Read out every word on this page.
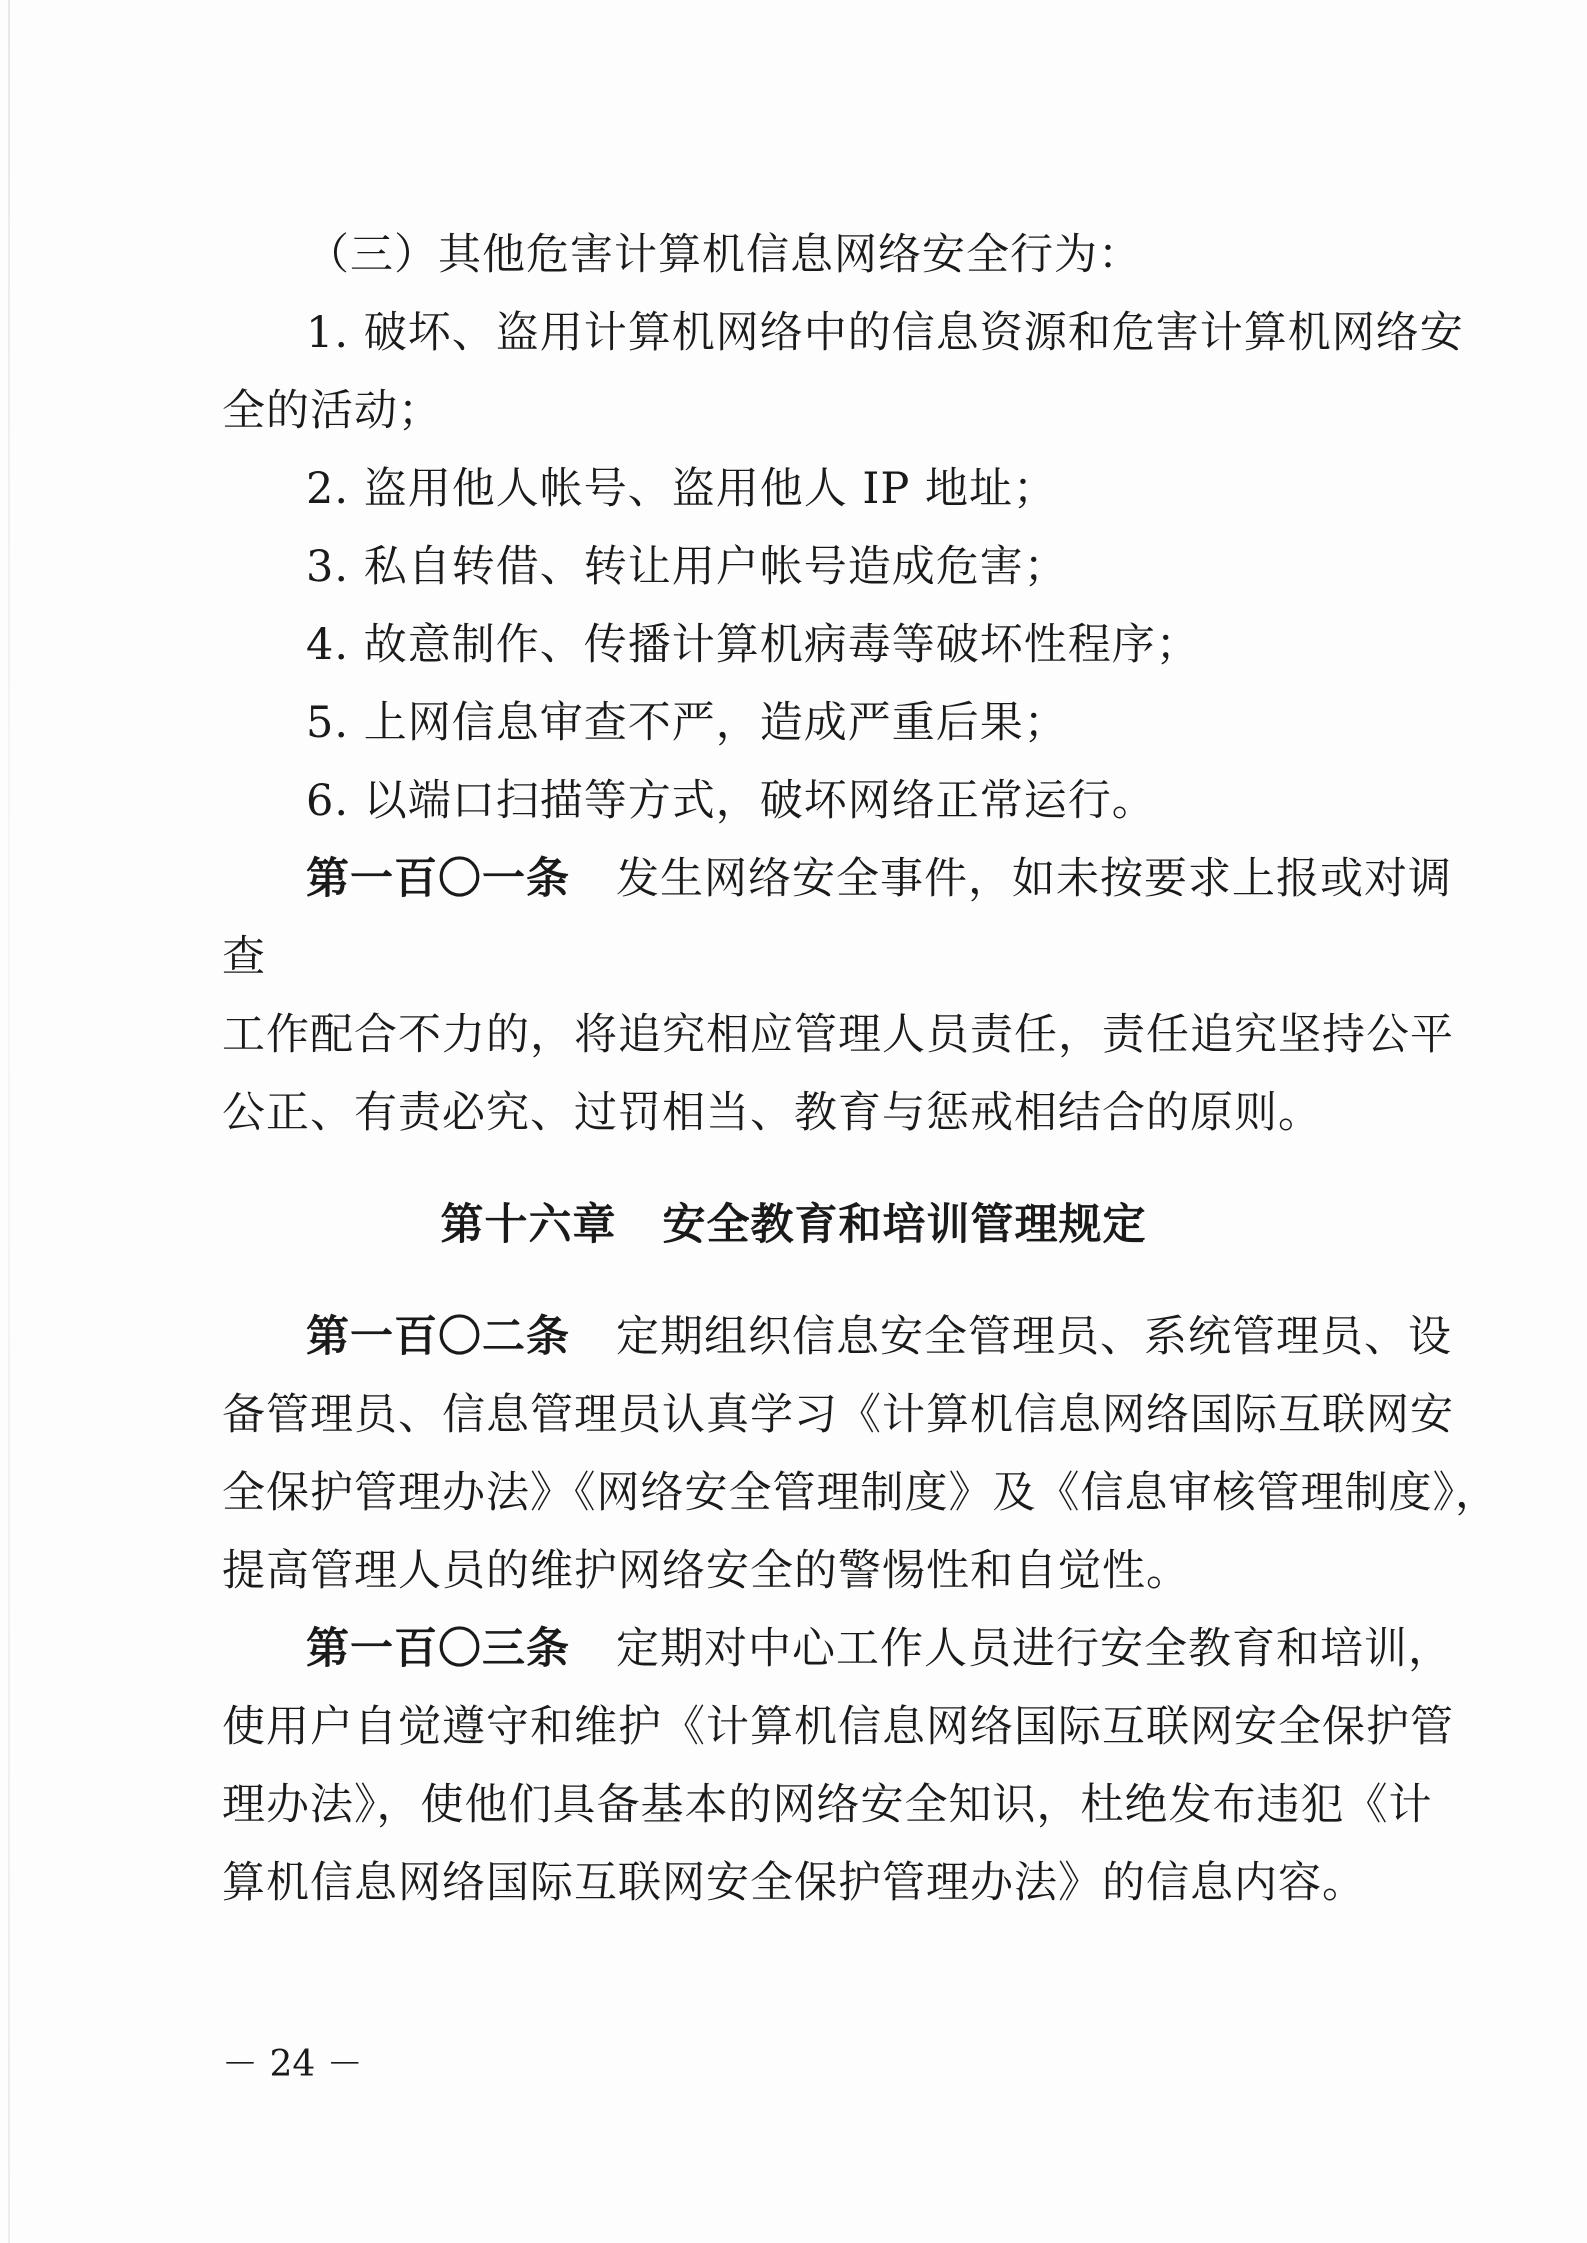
（三）其他危害计算机信息网络安全行为：
1. 破坏、盗用计算机网络中的信息资源和危害计算机网络安
全的活动；
2. 盗用他人帐号、盗用他人 IP 地址；
3. 私自转借、转让用户帐号造成危害；
4. 故意制作、传播计算机病毒等破坏性程序；
5. 上网信息审查不严，造成严重后果；
6. 以端口扫描等方式，破坏网络正常运行。
第一百〇一条 发生网络安全事件，如未按要求上报或对调
查
工作配合不力的，将追究相应管理人员责任，责任追究坚持公平
公正、有责必究、过罚相当、教育与惩戒相结合的原则。
第十六章 安全教育和培训管理规定
第一百〇二条 定期组织信息安全管理员、系统管理员、设
备管理员、信息管理员认真学习《计算机信息网络国际互联网安
全保护管理办法》《网络安全管理制度》及《信息审核管理制度》，
提高管理人员的维护网络安全的警惕性和自觉性。
第一百〇三条 定期对中心工作人员进行安全教育和培训，
使用户自觉遵守和维护《计算机信息网络国际互联网安全保护管
理办法》，使他们具备基本的网络安全知识，杜绝发布违犯《计
算机信息网络国际互联网安全保护管理办法》的信息内容。
－ 24 －
